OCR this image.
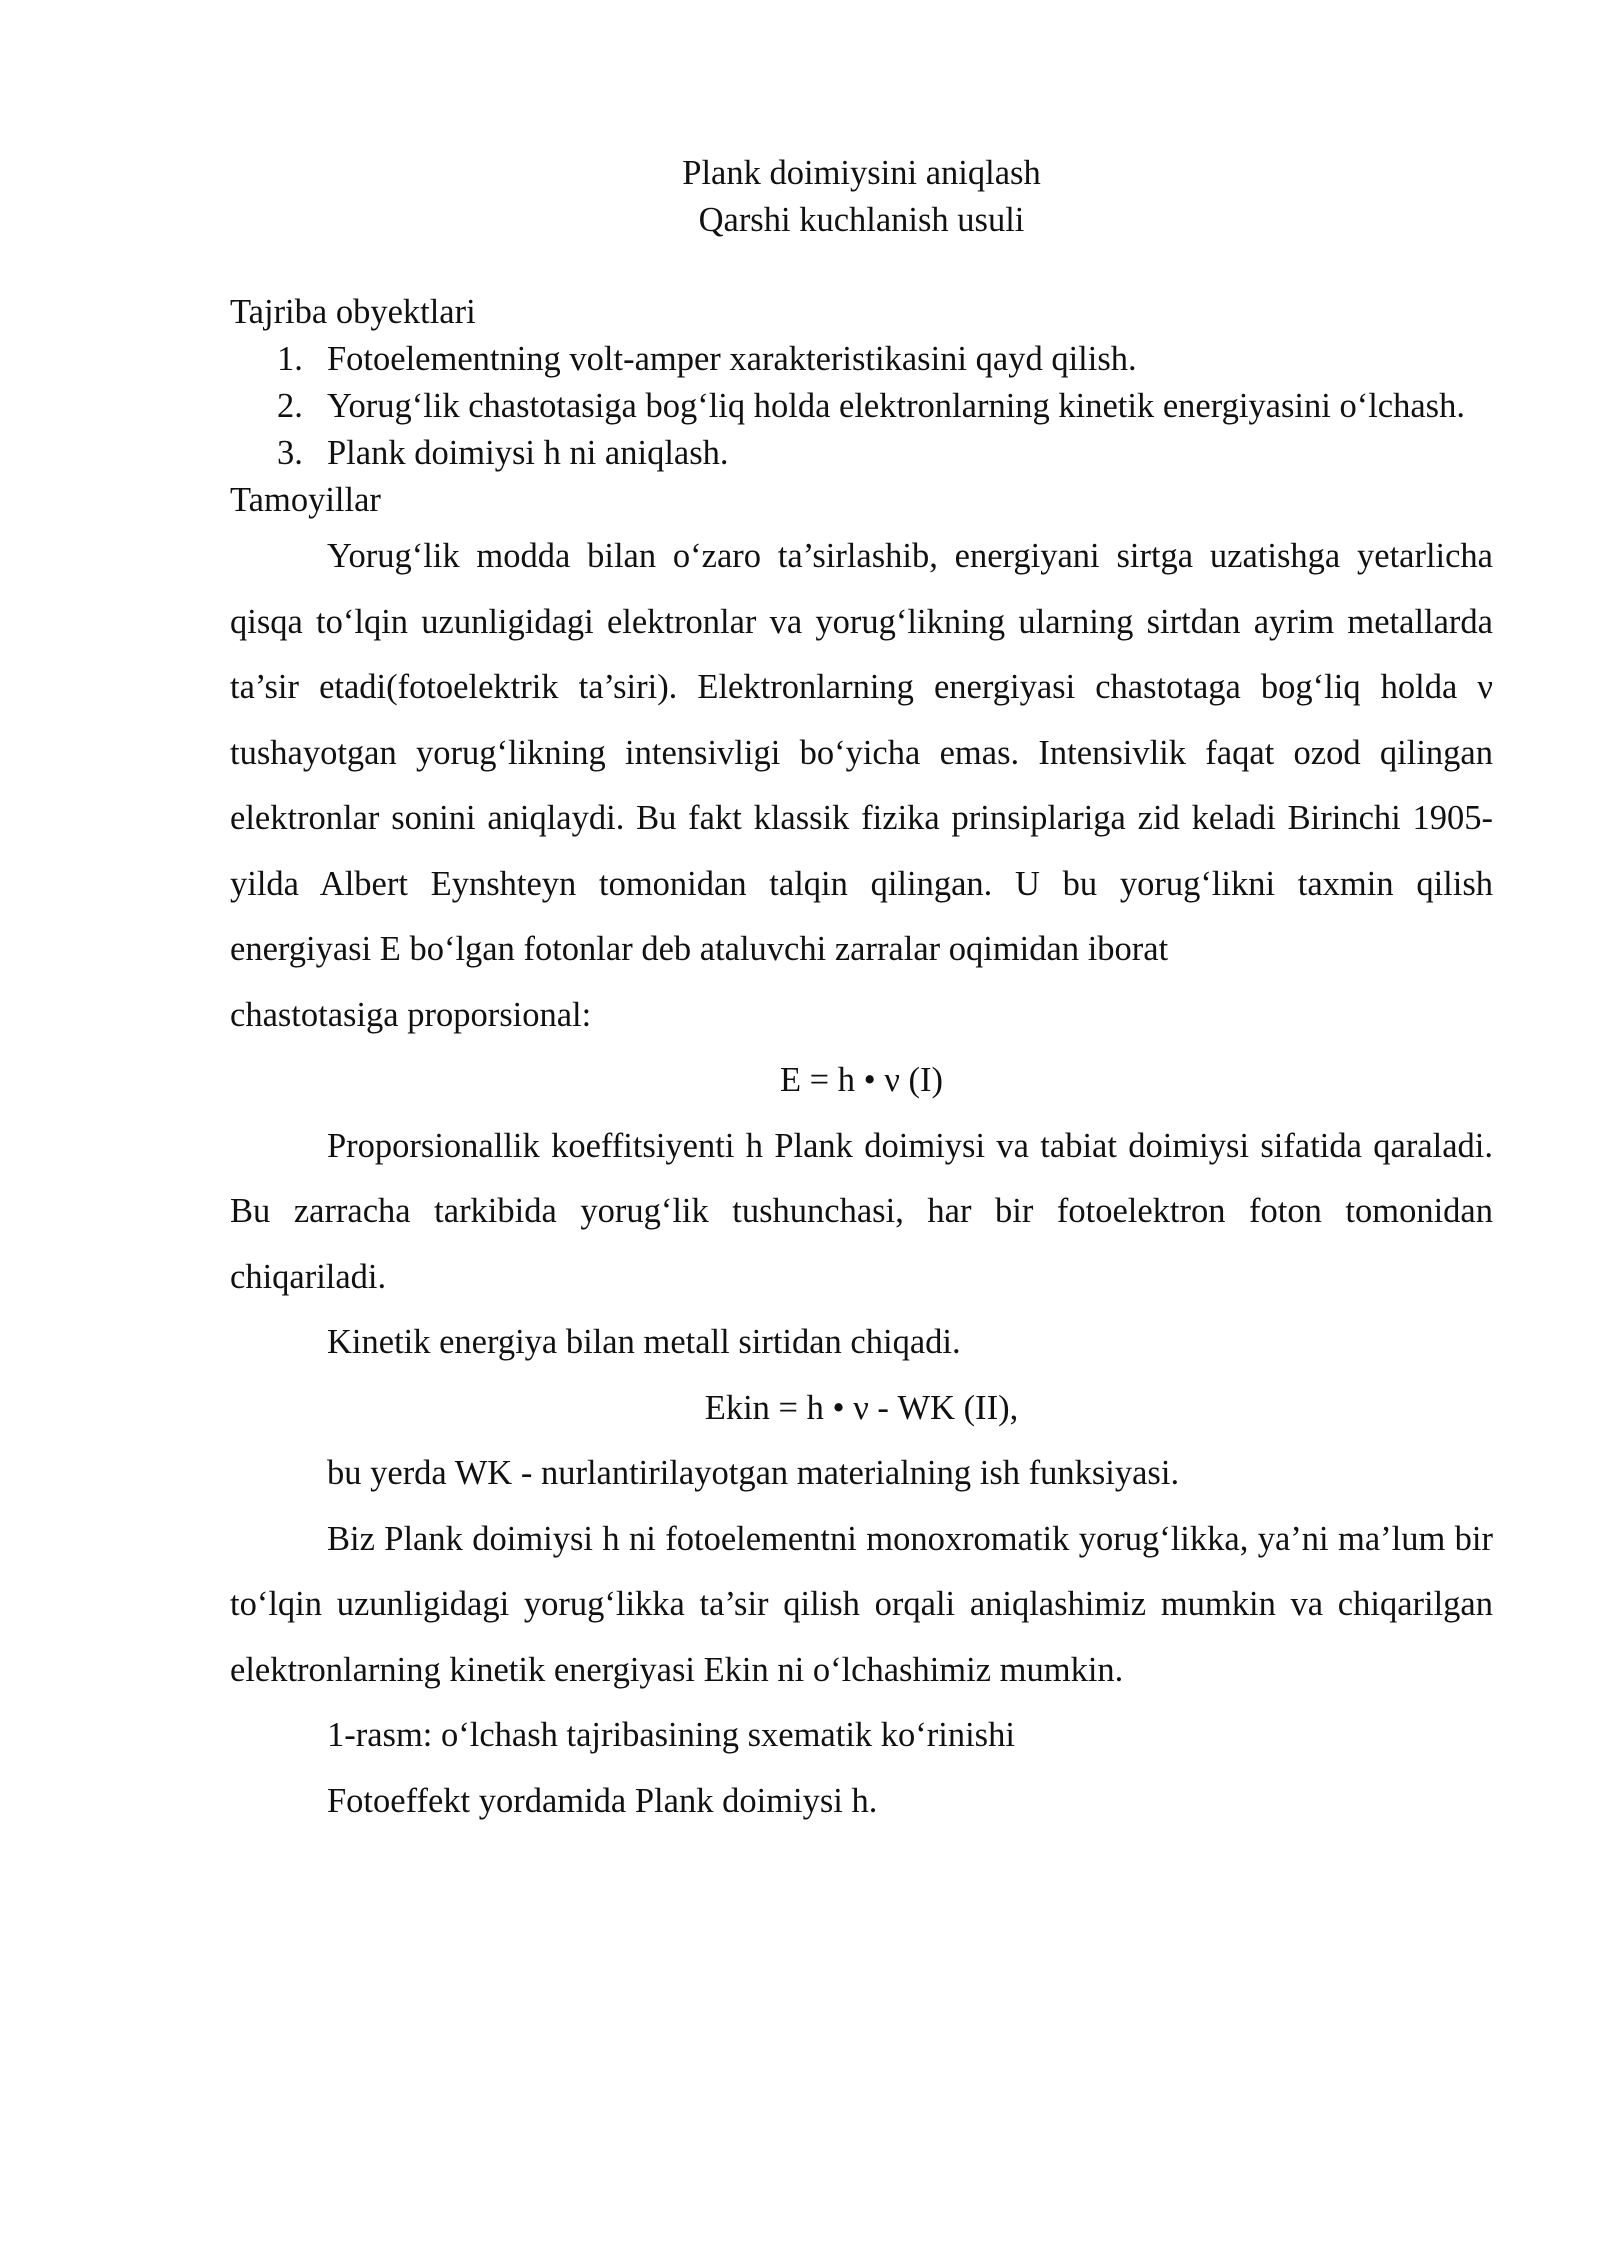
Plank doimiysini aniqlash
Qarshi kuchlanish usuli
Tajriba obyektlari
1. Fotoelementning volt-amper xarakteristikasini qayd qilish.
2. Yorug‘lik chastotasiga bog‘liq holda elektronlarning kinetik energiyasini o‘lchash.
3. Plank doimiysi h ni aniqlash.
Tamoyillar

Yorug‘lik modda bilan o‘zaro ta’sirlashib, energiyani sirtga uzatishga yetarlicha qisqa to‘lqin uzunligidagi elektronlar va yorug‘likning ularning sirtdan ayrim metallarda ta’sir etadi(fotoelektrik ta’siri). Elektronlarning energiyasi chastotaga bog‘liq holda ν tushayotgan yorug‘likning intensivligi bo‘yicha emas. Intensivlik faqat ozod qilingan elektronlar sonini aniqlaydi. Bu fakt klassik fizika prinsiplariga zid keladi Birinchi 1905-yilda Albert Eynshteyn tomonidan talqin qilingan. U bu yorug‘likni taxmin qilish energiyasi E bo‘lgan fotonlar deb ataluvchi zarralar oqimidan iborat

chastotasiga proporsional:

E = h • ν (I)

Proporsionallik koeffitsiyenti h Plank doimiysi va tabiat doimiysi sifatida qaraladi. Bu zarracha tarkibida yorug‘lik tushunchasi, har bir fotoelektron foton tomonidan chiqariladi.

Kinetik energiya bilan metall sirtidan chiqadi.

Ekin = h • ν - WK (II),

bu yerda WK - nurlantirilayotgan materialning ish funksiyasi.

Biz Plank doimiysi h ni fotoelementni monoxromatik yorug‘likka, ya’ni ma’lum bir to‘lqin uzunligidagi yorug‘likka ta’sir qilish orqali aniqlashimiz mumkin va chiqarilgan elektronlarning kinetik energiyasi Ekin ni o‘lchashimiz mumkin.

1-rasm: o‘lchash tajribasining sxematik ko‘rinishi

Fotoeffekt yordamida Plank doimiysi h.
